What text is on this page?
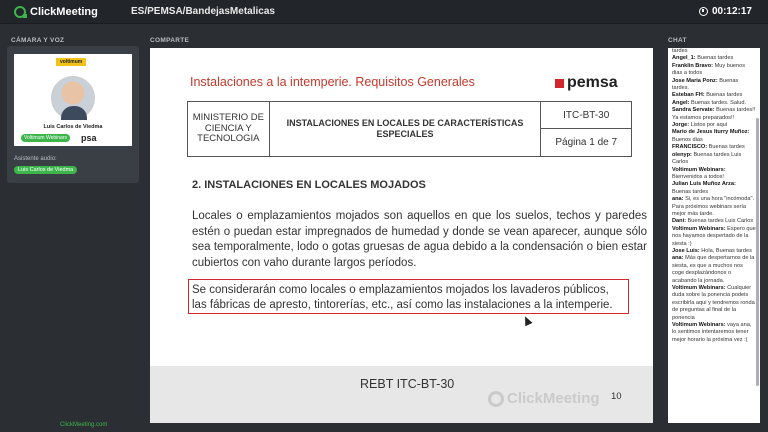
ClickMeeting	ES/PEMSA/BandejasMetalicas	00:12:17
CÁMARA Y VOZ	COMPARTE	CHAT
voltimum
Luis Carlos de Viedma
Voltimum Webinars	psa
Asistente audio:
Luis Carlos de Viedma
Instalaciones a la intemperie. Requisitos Generales	pemsa
MINISTERIO DE CIENCIA Y TECNOLOGIA
INSTALACIONES EN LOCALES DE CARACTERÍSTICAS ESPECIALES
ITC-BT-30
Página 1 de 7
2. INSTALACIONES EN LOCALES MOJADOS
Locales o emplazamientos mojados son aquellos en que los suelos, techos y paredes estén o puedan estar impregnados de humedad y donde se vean aparecer, aunque sólo sea temporalmente, lodo o gotas gruesas de agua debido a la condensación o bien estar cubiertos con vaho durante largos períodos.
Se considerarán como locales o emplazamientos mojados los lavaderos públicos, las fábricas de apresto, tintorerías, etc., así como las instalaciones a la intemperie.
REBT ITC-BT-30
10
ClickMeeting
tardes
Angel_1: Buenas tardes
Franklin Bravo: Muy buenos dias a todos
Jose Maria Ponz: Buenas tardes.
Esteban FH: Buenas tardes
Angel: Buenas tardes. Salud.
Sandra Servate: Buenas tardes!! Ya estamos preparados!!
Jorge: Listos por aqui
Mario de Jesus Iturry Muñoz: Buenos dias
FRANCISCO: Buenas tardes
olenyp: Buenas tardes Luis Carlos
Voltimum Webinars: Bienvenidos a todos!
Julian Luis Muñoz Arza: Buenas tardes
ana: Si, es una hora "incómoda". Para próximos webinars sería mejor más tarde.
Dani: Buenas tardes Luis Carlos
Voltimum Webinars: Espero que nos hayamos despertado de la siesta :)
Jose Luis: Hola, Buenas tardes
ana: Más que despertarnos de la siesta, es que a muchos nos coge desplazándonos o acabando la jornada.
Voltimum Webinars: Cualquier duda sobre la ponencia podeis escribirla aqui y tendremos ronda de preguntas al final de la ponencia
Voltimum Webinars: vaya ana, lo sentimos intentaremos tener mejor horario la próxima vez :(
ClickMeeting.com
